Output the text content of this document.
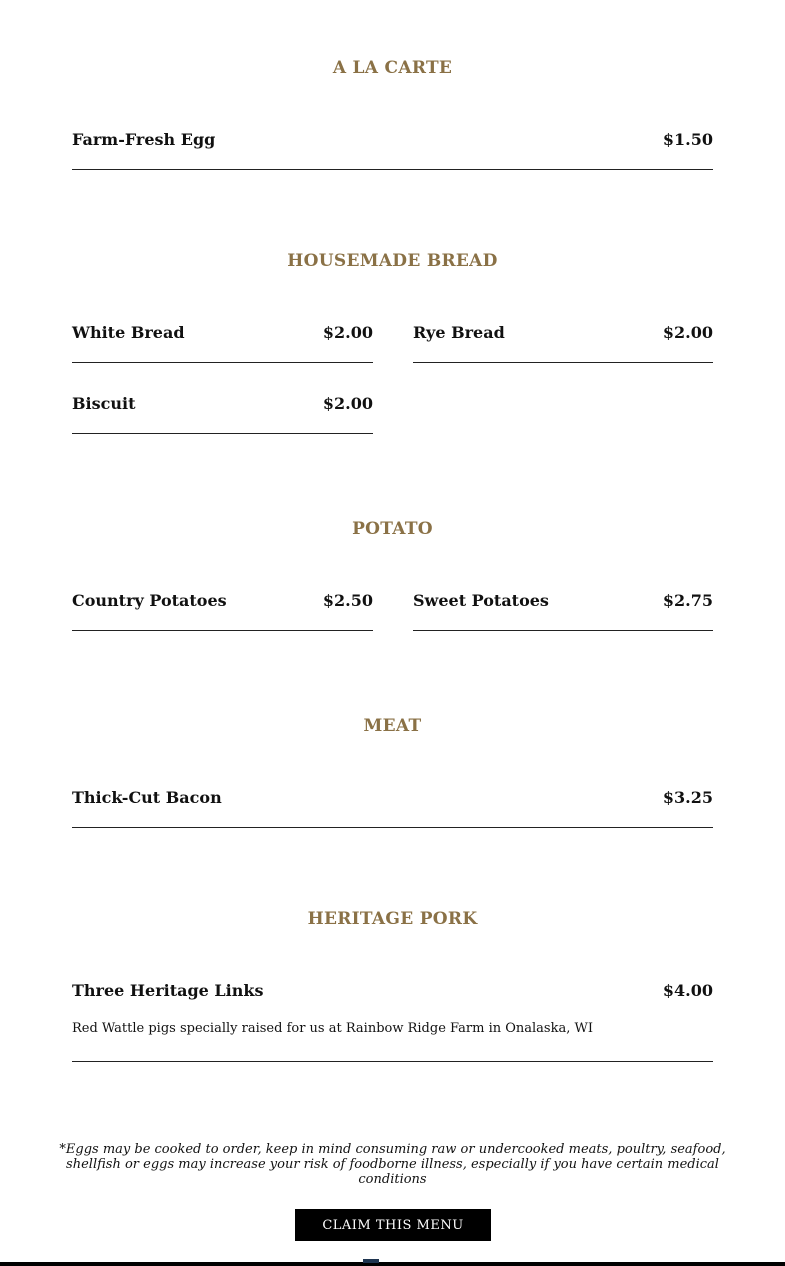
A LA CARTE
Farm-Fresh Egg	$1.50
HOUSEMADE BREAD
White Bread	$2.00	Rye Bread	$2.00
Biscuit	$2.00
POTATO
Country Potatoes	$2.50	Sweet Potatoes	$2.75
MEAT
Thick-Cut Bacon	$3.25
HERITAGE PORK
Three Heritage Links	$4.00
Red Wattle pigs specially raised for us at Rainbow Ridge Farm in Onalaska, WI
*Eggs may be cooked to order, keep in mind consuming raw or undercooked meats, poultry, seafood, shellfish or eggs may increase your risk of foodborne illness, especially if you have certain medical conditions
CLAIM THIS MENU
